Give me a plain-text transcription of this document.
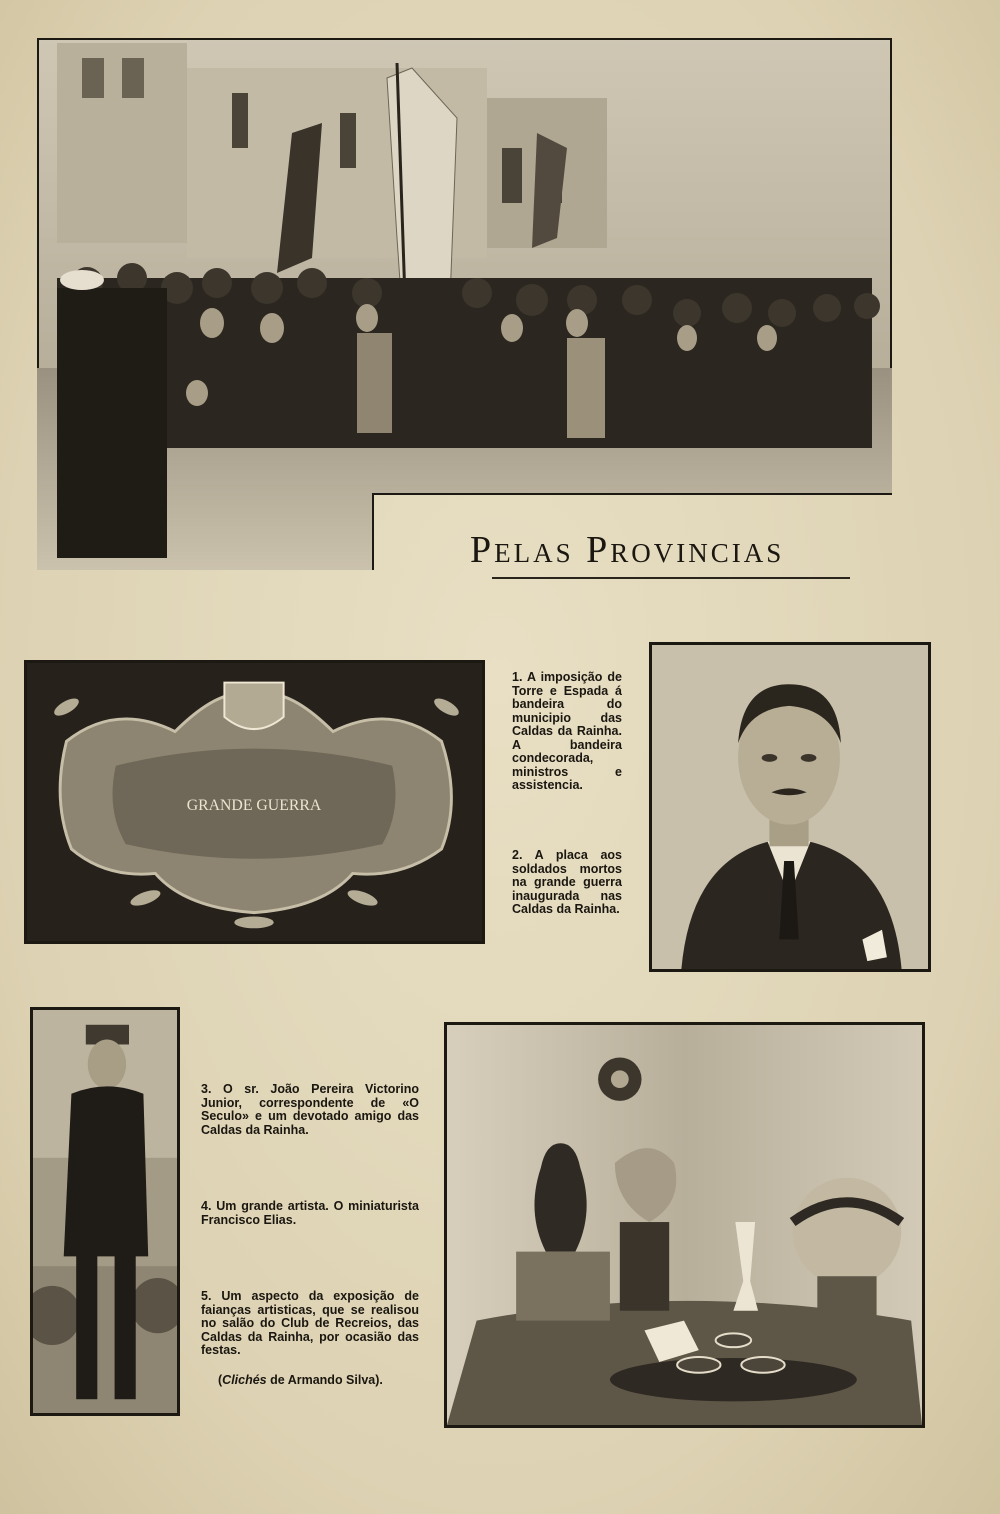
Pelas Provincias
GRANDE GUERRA
1. A imposição de Torre e Espada á bandeira do municipio das Caldas da Rainha. A bandeira condecorada, ministros e assistencia.
2. A placa aos soldados mortos na grande guerra inaugurada nas Caldas da Rainha.
3. O sr. João Pereira Victorino Junior, correspondente de «O Seculo» e um devotado amigo das Caldas da Rainha.
4. Um grande artista. O miniaturista Francisco Elias.
5. Um aspecto da exposição de faianças artisticas, que se realisou no salão do Club de Recreios, das Caldas da Rainha, por ocasião das festas.
(Clichés de Armando Silva).
